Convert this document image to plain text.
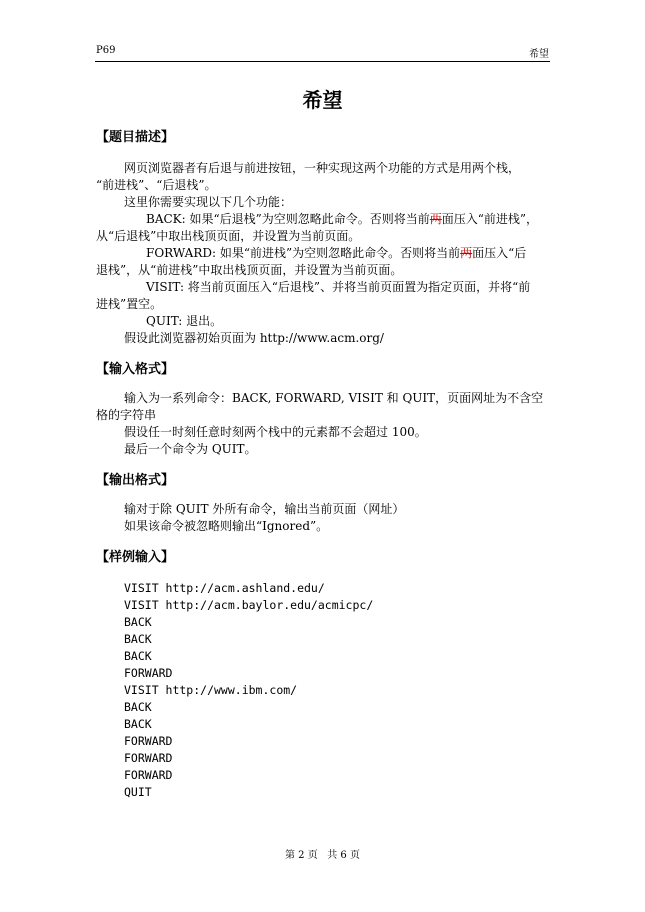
P69	希望
希望
【题目描述】
网页浏览器者有后退与前进按钮，一种实现这两个功能的方式是用两个栈，
“前进栈”、“后退栈”。
这里你需要实现以下几个功能：
BACK: 如果“后退栈”为空则忽略此命令。否则将当前两面压入“前进栈”，
从“后退栈”中取出栈顶页面，并设置为当前页面。
FORWARD: 如果“前进栈”为空则忽略此命令。否则将当前两面压入“后
退栈”，从“前进栈”中取出栈顶页面，并设置为当前页面。
VISIT: 将当前页面压入“后退栈”、并将当前页面置为指定页面，并将“前
进栈”置空。
QUIT: 退出。
假设此浏览器初始页面为 http://www.acm.org/
【输入格式】
输入为一系列命令：BACK, FORWARD, VISIT 和 QUIT，页面网址为不含空
格的字符串
假设任一时刻任意时刻两个栈中的元素都不会超过 100。
最后一个命令为 QUIT。
【输出格式】
输对于除 QUIT 外所有命令，输出当前页面（网址）
如果该命令被忽略则输出“Ignored”。
【样例输入】
VISIT http://acm.ashland.edu/
VISIT http://acm.baylor.edu/acmicpc/
BACK
BACK
BACK
FORWARD
VISIT http://www.ibm.com/
BACK
BACK
FORWARD
FORWARD
FORWARD
QUIT
第 2 页   共 6 页
